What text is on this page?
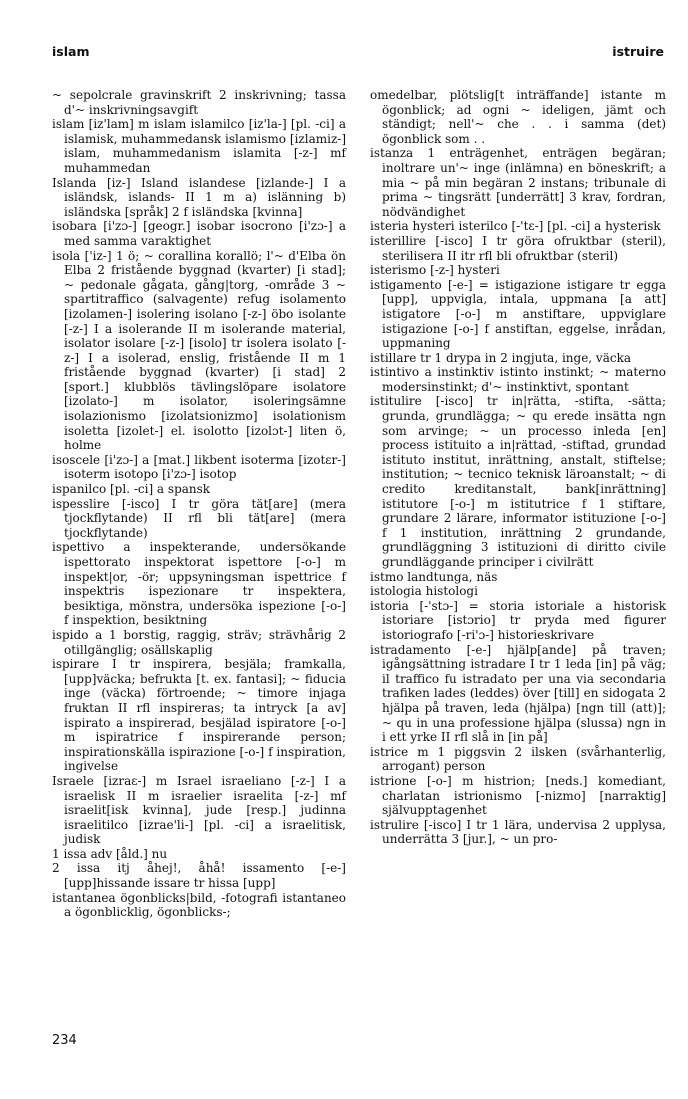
islam	istruire

~ sepolcrale gravinskrift 2 inskrivning; tassa d'~ inskrivningsavgift

islam [iz'lam] m islam islamilco [iz'la-] [pl. -ci] a islamisk, muhammedansk islamismo [izlamiz-] islam, muhammedanism islamita [-z-] mf muhammedan

Islanda [iz-] Island islandese [izlande-] I a isländsk, islands- II 1 m a) islänning b) isländska [språk] 2 f isländska [kvinna]

isobara [i'zɔ-] [geogr.] isobar isocrono [i'zɔ-] a med samma varaktighet

isola ['iz-] 1 ö; ~ corallina korallö; l'~ d'Elba ön Elba 2 fristående byggnad (kvarter) [i stad]; ~ pedonale gågata, gång|torg, -område 3 ~ spartitraffico (salvagente) refug isolamento [izolamen-] isolering isolano [-z-] öbo isolante [-z-] I a isolerande II m isolerande material, isolator isolare [-z-] [isolo] tr isolera isolato [-z-] I a isolerad, enslig, fristående II m 1 fristående byggnad (kvarter) [i stad] 2 [sport.] klubblös tävlingslöpare isolatore [izolato-] m isolator, isoleringsämne isolazionismo [izolatsionizmo] isolationism isoletta [izolet-] el. isolotto [izolɔt-] liten ö, holme

isoscele [i'zɔ-] a [mat.] likbent isoterma [izotɛr-] isoterm isotopo [i'zɔ-] isotop

ispanilco [pl. -ci] a spansk

ispesslire [-isco] I tr göra tät[are] (mera tjockflytande) II rfl bli tät[are] (mera tjockflytande)

ispettivo a inspekterande, undersökande ispettorato inspektorat ispettore [-o-] m inspekt|or, -ör; uppsyningsman ispettrice f inspektris ispezionare tr inspektera, besiktiga, mönstra, undersöka ispezione [-o-] f inspektion, besiktning

ispido a 1 borstig, raggig, sträv; strävhårig 2 otillgänglig; osällskaplig

ispirare I tr inspirera, besjäla; framkalla, [upp]väcka; befrukta [t. ex. fantasi]; ~ fiducia inge (väcka) förtroende; ~ timore injaga fruktan II rfl inspireras; ta intryck [a av] ispirato a inspirerad, besjälad ispiratore [-o-] m ispiratrice f inspirerande person; inspirationskälla ispirazione [-o-] f inspiration, ingivelse

Israele [izraɛ-] m Israel israeliano [-z-] I a israelisk II m israelier israelita [-z-] mf israelit[isk kvinna], jude [resp.] judinna israelitilco [izrae'li-] [pl. -ci] a israelitisk, judisk

1 issa adv [åld.] nu

2 issa itj åhej!, åhå! issamento [-e-] [upp]hissande issare tr hissa [upp]

istantanea ögonblicks|bild, -fotografi istantaneo a ögonblicklig, ögonblicks-;

omedelbar, plötslig[t inträffande] istante m ögonblick; ad ogni ~ ideligen, jämt och ständigt; nell'~ che . . i samma (det) ögonblick som . .

istanza 1 enträgenhet, enträgen begäran; inoltrare un'~ inge (inlämna) en böneskrift; a mia ~ på min begäran 2 instans; tribunale di prima ~ tingsrätt [underrätt] 3 krav, fordran, nödvändighet

isteria hysteri isterilco [-'tɛ-] [pl. -ci] a hysterisk

isterillire [-isco] I tr göra ofruktbar (steril), sterilisera II itr rfl bli ofruktbar (steril)

isterismo [-z-] hysteri

istigamento [-e-] = istigazione istigare tr egga [upp], uppvigla, intala, uppmana [a att] istigatore [-o-] m anstiftare, uppviglare istigazione [-o-] f anstiftan, eggelse, inrådan, uppmaning

istillare tr 1 drypa in 2 ingjuta, inge, väcka

istintivo a instinktiv istinto instinkt; ~ materno modersinstinkt; d'~ instinktivt, spontant

istitulire [-isco] tr in|rätta, -stifta, -sätta; grunda, grundlägga; ~ qu erede insätta ngn som arvinge; ~ un processo inleda [en] process istituito a in|rättad, -stiftad, grundad istituto institut, inrättning, anstalt, stiftelse; institution; ~ tecnico teknisk läroanstalt; ~ di credito kreditanstalt, bank[inrättning] istitutore [-o-] m istitutrice f 1 stiftare, grundare 2 lärare, informator istituzione [-o-] f 1 institution, inrättning 2 grundande, grundläggning 3 istituzioni di diritto civile grundläggande principer i civilrätt

istmo landtunga, näs

istologia histologi

istoria [-'stɔ-] = storia istoriale a historisk istoriare [istɔrio] tr pryda med figurer istoriografo [-ri'ɔ-] historieskrivare

istradamento [-e-] hjälp[ande] på traven; igångsättning istradare I tr 1 leda [in] på väg; il traffico fu istradato per una via secondaria trafiken lades (leddes) över [till] en sidogata 2 hjälpa på traven, leda (hjälpa) [ngn till (att)]; ~ qu in una professione hjälpa (slussa) ngn in i ett yrke II rfl slå in [in på]

istrice m 1 piggsvin 2 ilsken (svårhanterlig, arrogant) person

istrione [-o-] m histrion; [neds.] komediant, charlatan istrionismo [-nizmo] [narraktig] självupptagenhet

istrulire [-isco] I tr 1 lära, undervisa 2 upplysa, underrätta 3 [jur.], ~ un pro-

234
